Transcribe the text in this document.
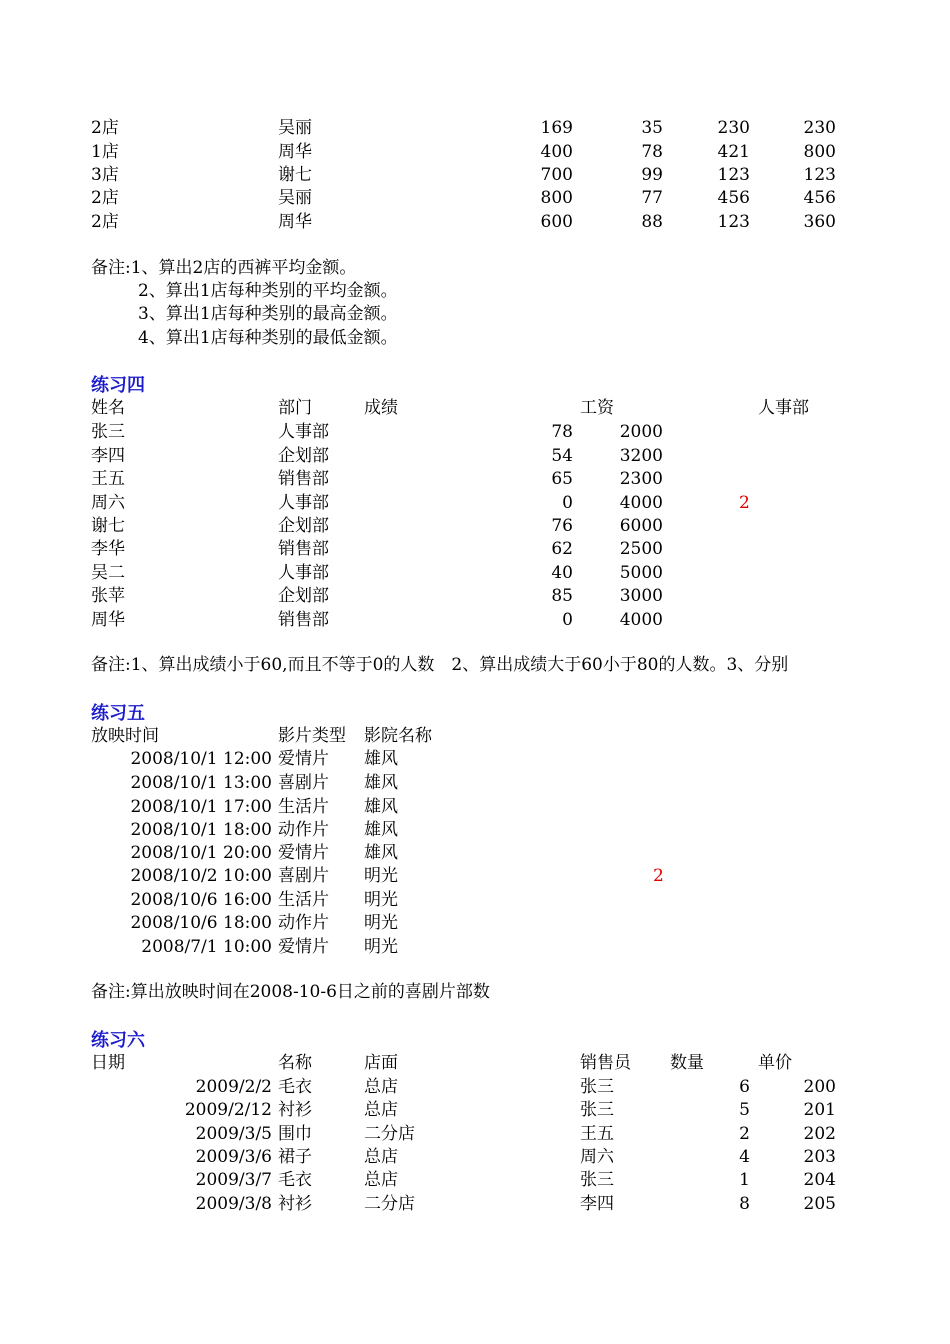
2店	吴丽	169	35	230	230
1店	周华	400	78	421	800
3店	谢七	700	99	123	123
2店	吴丽	800	77	456	456
2店	周华	600	88	123	360
备注:1、算出2店的西裤平均金额。
2、算出1店每种类别的平均金额。
3、算出1店每种类别的最高金额。
4、算出1店每种类别的最低金额。
练习四
姓名	部门	成绩	工资	人事部
张三	人事部	78	2000
李四	企划部	54	3200
王五	销售部	65	2300
周六	人事部	0	4000	2
谢七	企划部	76	6000
李华	销售部	62	2500
吴二	人事部	40	5000
张苹	企划部	85	3000
周华	销售部	0	4000
备注:1、算出成绩小于60,而且不等于0的人数　2、算出成绩大于60小于80的人数。3、分别
练习五
放映时间	影片类型 影院名称
2008/10/1 12:00 爱情片 雄风
2008/10/1 13:00 喜剧片 雄风
2008/10/1 17:00 生活片 雄风
2008/10/1 18:00 动作片 雄风
2008/10/1 20:00 爱情片 雄风
2008/10/2 10:00 喜剧片 明光	2
2008/10/6 16:00 生活片 明光
2008/10/6 18:00 动作片 明光
2008/7/1 10:00 爱情片 明光
备注:算出放映时间在2008-10-6日之前的喜剧片部数
练习六
日期	名称	店面	销售员 数量	单价
2009/2/2 毛衣	总店	张三	6	200
2009/2/12 衬衫	总店	张三	5	201
2009/3/5 围巾	二分店	王五	2	202
2009/3/6 裙子	总店	周六	4	203
2009/3/7 毛衣	总店	张三	1	204
2009/3/8 衬衫	二分店	李四	8	205
